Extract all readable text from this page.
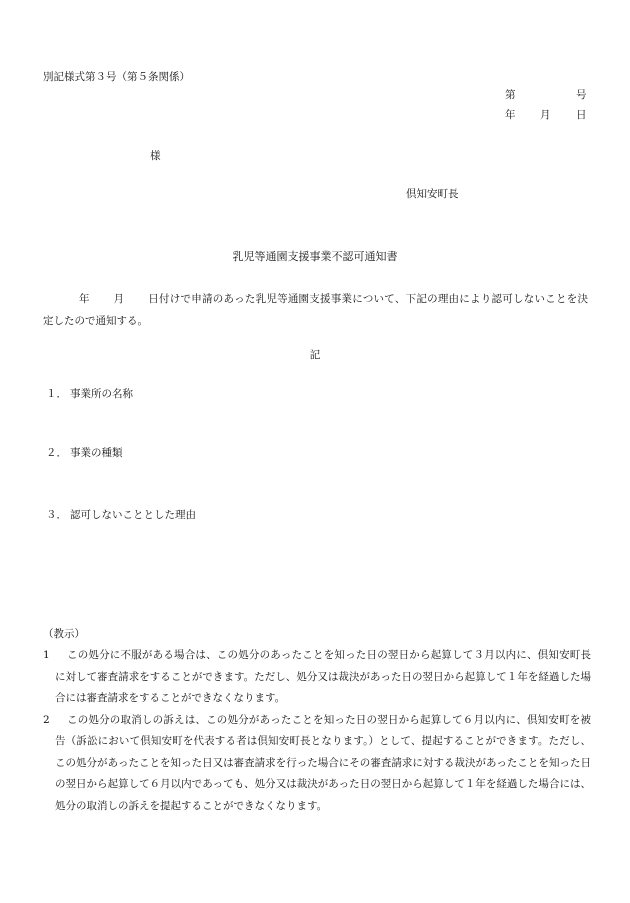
別記様式第３号（第５条関係）
第	号
年 月 日
様
倶知安町長
乳児等通園支援事業不認可通知書
年 月 日付けで申請のあった乳児等通園支援事業について、下記の理由により認可しないことを決定したので通知する。
記
１． 事業所の名称
２． 事業の種類
３． 認可しないこととした理由
（教示）
1	この処分に不服がある場合は、この処分のあったことを知った日の翌日から起算して３月以内に、倶知安町長に対して審査請求をすることができます。ただし、処分又は裁決があった日の翌日から起算して１年を経過した場合には審査請求をすることができなくなります。
2	この処分の取消しの訴えは、この処分があったことを知った日の翌日から起算して６月以内に、倶知安町を被告（訴訟において倶知安町を代表する者は倶知安町長となります。）として、提起することができます。ただし、この処分があったことを知った日又は審査請求を行った場合にその審査請求に対する裁決があったことを知った日の翌日から起算して６月以内であっても、処分又は裁決があった日の翌日から起算して１年を経過した場合には、処分の取消しの訴えを提起することができなくなります。
